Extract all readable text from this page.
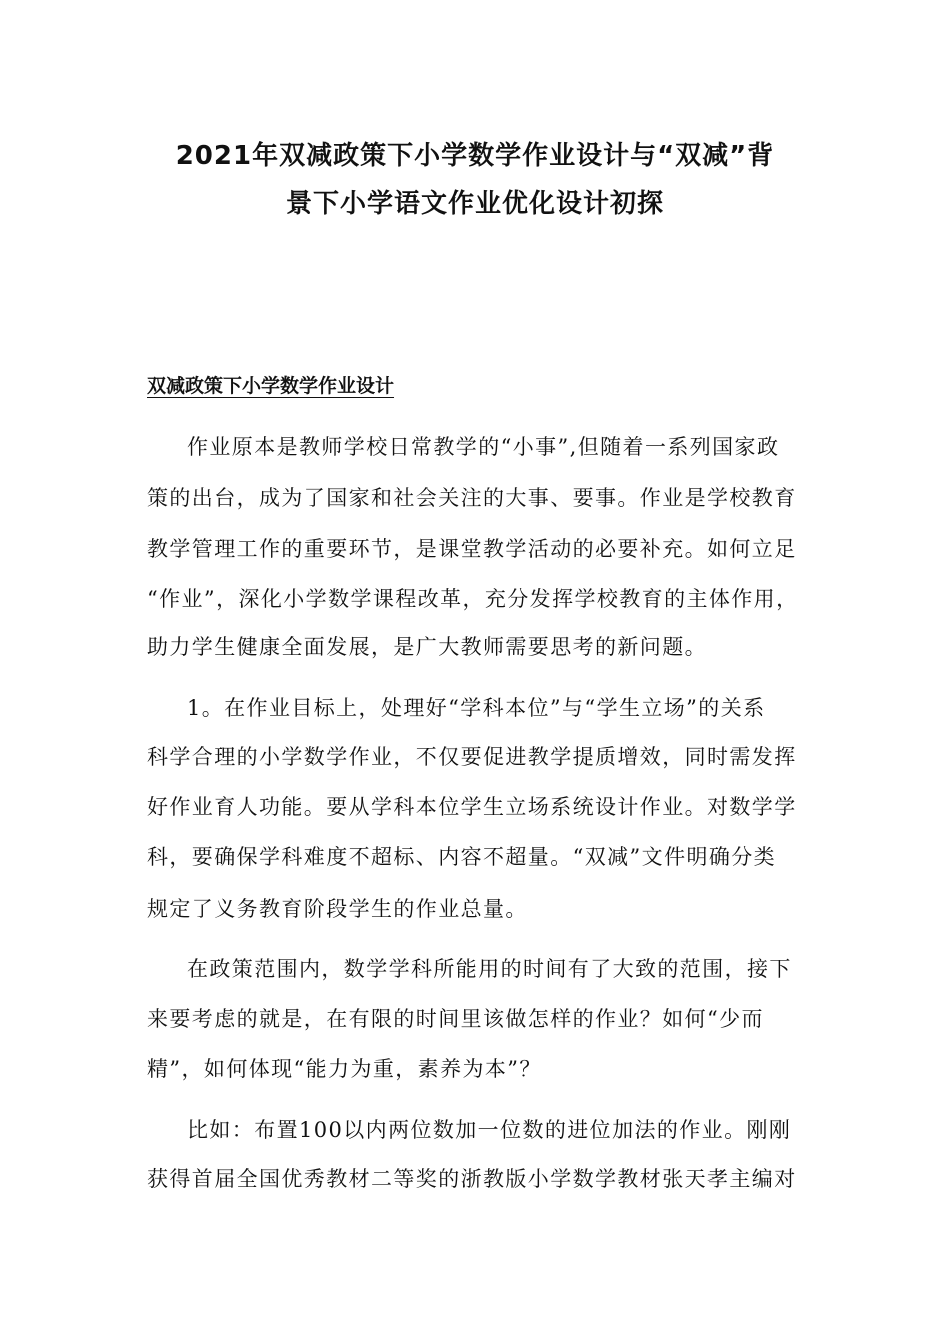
2021年双减政策下小学数学作业设计与“双减”背
景下小学语文作业优化设计初探
双减政策下小学数学作业设计
作业原本是教师学校日常教学的“小事”,但随着一系列国家政
策的出台，成为了国家和社会关注的大事、要事。作业是学校教育
教学管理工作的重要环节，是课堂教学活动的必要补充。如何立足
“作业”，深化小学数学课程改革，充分发挥学校教育的主体作用，
助力学生健康全面发展，是广大教师需要思考的新问题。
1。在作业目标上，处理好“学科本位”与“学生立场”的关系
科学合理的小学数学作业，不仅要促进教学提质增效，同时需发挥
好作业育人功能。要从学科本位学生立场系统设计作业。对数学学
科，要确保学科难度不超标、内容不超量。“双减”文件明确分类
规定了义务教育阶段学生的作业总量。
在政策范围内，数学学科所能用的时间有了大致的范围，接下
来要考虑的就是，在有限的时间里该做怎样的作业？如何“少而
精”，如何体现“能力为重，素养为本”？
比如：布置100以内两位数加一位数的进位加法的作业。刚刚
获得首届全国优秀教材二等奖的浙教版小学数学教材张天孝主编对
